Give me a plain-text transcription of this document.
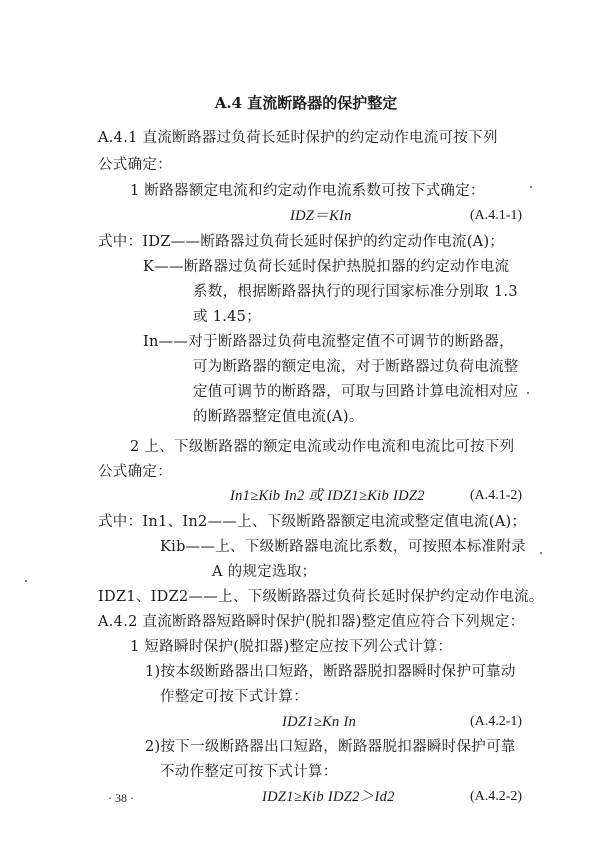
A.4 直流断路器的保护整定
A.4.1 直流断路器过负荷长延时保护的约定动作电流可按下列
公式确定：
1 断路器额定电流和约定动作电流系数可按下式确定：
IDZ＝KIn	(A.4.1-1)
式中：IDZ——断路器过负荷长延时保护的约定动作电流(A)；
K——断路器过负荷长延时保护热脱扣器的约定动作电流
系数，根据断路器执行的现行国家标准分别取 1.3
或 1.45；
In——对于断路器过负荷电流整定值不可调节的断路器，
可为断路器的额定电流，对于断路器过负荷电流整
定值可调节的断路器，可取与回路计算电流相对应
的断路器整定值电流(A)。
2 上、下级断路器的额定电流或动作电流和电流比可按下列
公式确定：
In1≥Kib In2 或 IDZ1≥Kib IDZ2	(A.4.1-2)
式中：In1、In2——上、下级断路器额定电流或整定值电流(A)；
Kib——上、下级断路器电流比系数，可按照本标准附录
A 的规定选取；
IDZ1、IDZ2——上、下级断路器过负荷长延时保护约定动作电流。
A.4.2 直流断路器短路瞬时保护(脱扣器)整定值应符合下列规定：
1 短路瞬时保护(脱扣器)整定应按下列公式计算：
1)按本级断路器出口短路，断路器脱扣器瞬时保护可靠动
作整定可按下式计算：
IDZ1≥Kn In	(A.4.2-1)
2)按下一级断路器出口短路，断路器脱扣器瞬时保护可靠
不动作整定可按下式计算：
IDZ1≥Kib IDZ2＞Id2	(A.4.2-2)
· 38 ·
